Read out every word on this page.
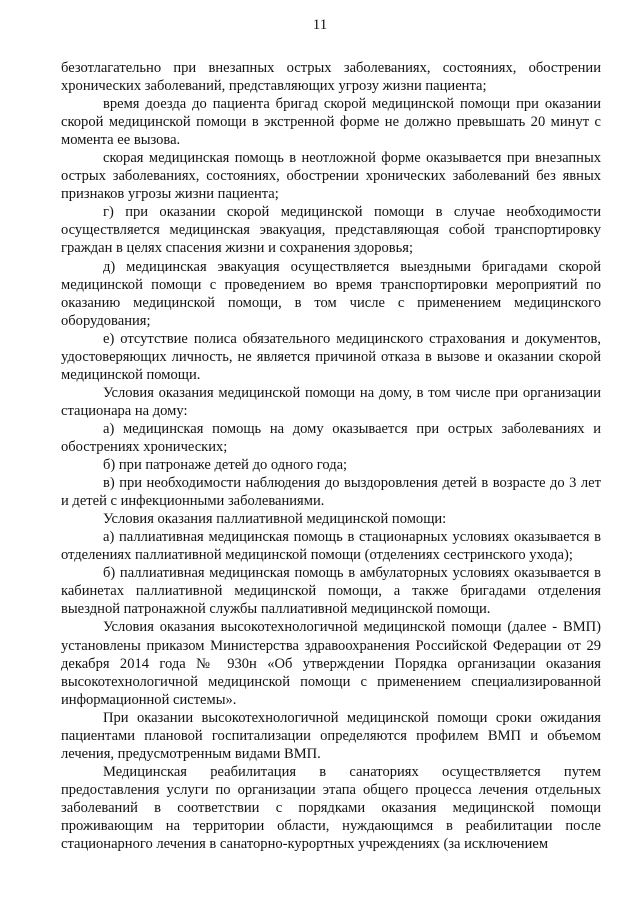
11

безотлагательно при внезапных острых заболеваниях, состояниях, обострении хронических заболеваний, представляющих угрозу жизни пациента;

время доезда до пациента бригад скорой медицинской помощи при оказании скорой медицинской помощи в экстренной форме не должно превышать 20 минут с момента ее вызова.

скорая медицинская помощь в неотложной форме оказывается при внезапных острых заболеваниях, состояниях, обострении хронических заболеваний без явных признаков угрозы жизни пациента;

г) при оказании скорой медицинской помощи в случае необходимости осуществляется медицинская эвакуация, представляющая собой транспортировку граждан в целях спасения жизни и сохранения здоровья;

д) медицинская эвакуация осуществляется выездными бригадами скорой медицинской помощи с проведением во время транспортировки мероприятий по оказанию медицинской помощи, в том числе с применением медицинского оборудования;

е) отсутствие полиса обязательного медицинского страхования и документов, удостоверяющих личность, не является причиной отказа в вызове и оказании скорой медицинской помощи.

Условия оказания медицинской помощи на дому, в том числе при организации стационара на дому:

а) медицинская помощь на дому оказывается при острых заболеваниях и обострениях хронических;

б) при патронаже детей до одного года;

в) при необходимости наблюдения до выздоровления детей в возрасте до 3 лет и детей с инфекционными заболеваниями.

Условия оказания паллиативной медицинской помощи:

а) паллиативная медицинская помощь в стационарных условиях оказывается в отделениях паллиативной медицинской помощи (отделениях сестринского ухода);

б) паллиативная медицинская помощь в амбулаторных условиях оказывается в кабинетах паллиативной медицинской помощи, а также бригадами отделения выездной патронажной службы паллиативной медицинской помощи.

Условия оказания высокотехнологичной медицинской помощи (далее - ВМП) установлены приказом Министерства здравоохранения Российской Федерации от 29 декабря 2014 года № 930н «Об утверждении Порядка организации оказания высокотехнологичной медицинской помощи с применением специализированной информационной системы».

При оказании высокотехнологичной медицинской помощи сроки ожидания пациентами плановой госпитализации определяются профилем ВМП и объемом лечения, предусмотренным видами ВМП.

Медицинская реабилитация в санаториях осуществляется путем предоставления услуги по организации этапа общего процесса лечения отдельных заболеваний в соответствии с порядками оказания медицинской помощи проживающим на территории области, нуждающимся в реабилитации после стационарного лечения в санаторно-курортных учреждениях (за исключением
